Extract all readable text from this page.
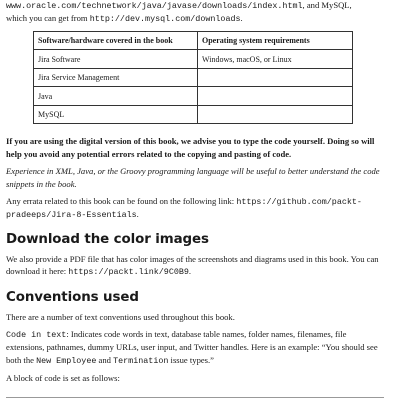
www.oracle.com/technetwork/java/javase/downloads/index.html, and MySQL,
which you can get from http://dev.mysql.com/downloads.

Software/hardware covered in the book	Operating system requirements
Jira Software	Windows, macOS, or Linux
Jira Service Management	
Java	
MySQL	

If you are using the digital version of this book, we advise you to type the code yourself. Doing so will help you avoid any potential errors related to the copying and pasting of code.

Experience in XML, Java, or the Groovy programming language will be useful to better understand the code snippets in the book.

Any errata related to this book can be found on the following link: https://github.com/packt-pradeeps/Jira-8-Essentials.

Download the color images

We also provide a PDF file that has color images of the screenshots and diagrams used in this book. You can download it here: https://packt.link/9C0B9.

Conventions used

There are a number of text conventions used throughout this book.

Code in text: Indicates code words in text, database table names, folder names, filenames, file extensions, pathnames, dummy URLs, user input, and Twitter handles. Here is an example: “You should see both the New Employee and Termination issue types.”

A block of code is set as follows:
